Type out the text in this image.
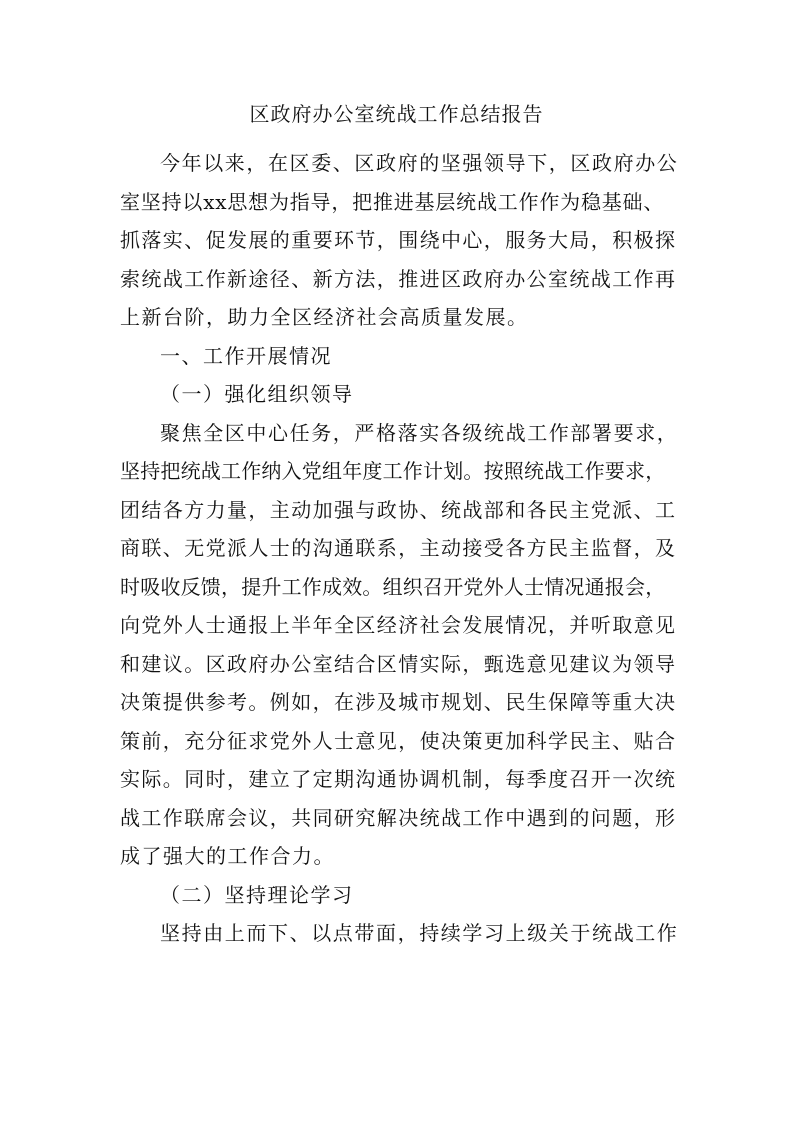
区政府办公室统战工作总结报告

今年以来，在区委、区政府的坚强领导下，区政府办公
室坚持以xx思想为指导，把推进基层统战工作作为稳基础、
抓落实、促发展的重要环节，围绕中心，服务大局，积极探
索统战工作新途径、新方法，推进区政府办公室统战工作再
上新台阶，助力全区经济社会高质量发展。

一、工作开展情况

（一）强化组织领导

聚焦全区中心任务，严格落实各级统战工作部署要求，
坚持把统战工作纳入党组年度工作计划。按照统战工作要求，
团结各方力量，主动加强与政协、统战部和各民主党派、工
商联、无党派人士的沟通联系，主动接受各方民主监督，及
时吸收反馈，提升工作成效。组织召开党外人士情况通报会，
向党外人士通报上半年全区经济社会发展情况，并听取意见
和建议。区政府办公室结合区情实际，甄选意见建议为领导
决策提供参考。例如，在涉及城市规划、民生保障等重大决
策前，充分征求党外人士意见，使决策更加科学民主、贴合
实际。同时，建立了定期沟通协调机制，每季度召开一次统
战工作联席会议，共同研究解决统战工作中遇到的问题，形
成了强大的工作合力。

（二）坚持理论学习

坚持由上而下、以点带面，持续学习上级关于统战工作
